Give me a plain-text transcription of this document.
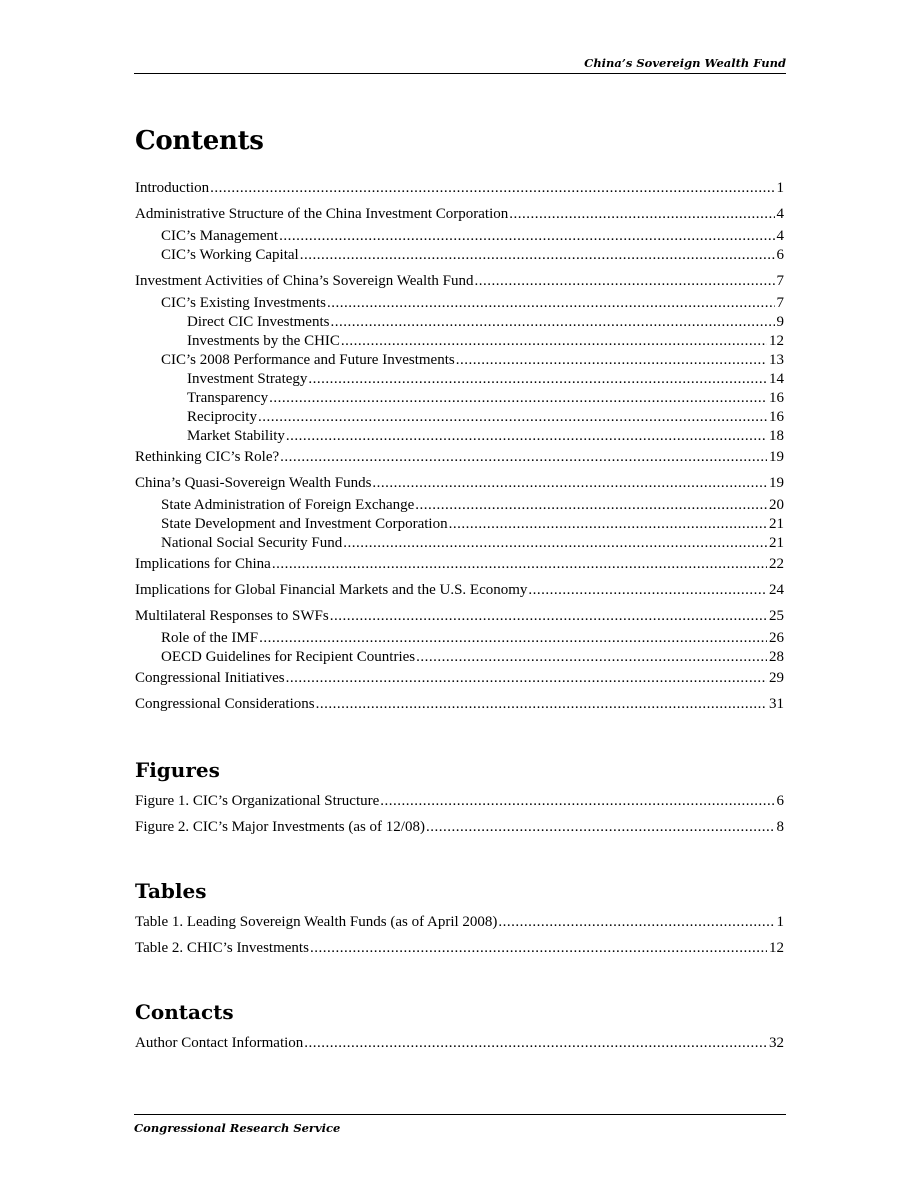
China’s Sovereign Wealth Fund
Contents
Introduction .....	1
Administrative Structure of the China Investment Corporation .....	4
CIC’s Management .....	4
CIC’s Working Capital .....	6
Investment Activities of China’s Sovereign Wealth Fund .....	7
CIC’s Existing Investments .....	7
Direct CIC Investments .....	9
Investments by the CHIC .....	12
CIC’s 2008 Performance and Future Investments .....	13
Investment Strategy .....	14
Transparency .....	16
Reciprocity .....	16
Market Stability .....	18
Rethinking CIC’s Role? .....	19
China’s Quasi-Sovereign Wealth Funds .....	19
State Administration of Foreign Exchange .....	20
State Development and Investment Corporation .....	21
National Social Security Fund .....	21
Implications for China .....	22
Implications for Global Financial Markets and the U.S. Economy .....	24
Multilateral Responses to SWFs .....	25
Role of the IMF .....	26
OECD Guidelines for Recipient Countries .....	28
Congressional Initiatives .....	29
Congressional Considerations .....	31
Figures
Figure 1. CIC’s Organizational Structure .....	6
Figure 2. CIC’s Major Investments (as of 12/08) .....	8
Tables
Table 1. Leading Sovereign Wealth Funds (as of April 2008) .....	1
Table 2. CHIC’s Investments .....	12
Contacts
Author Contact Information .....	32
Congressional Research Service
